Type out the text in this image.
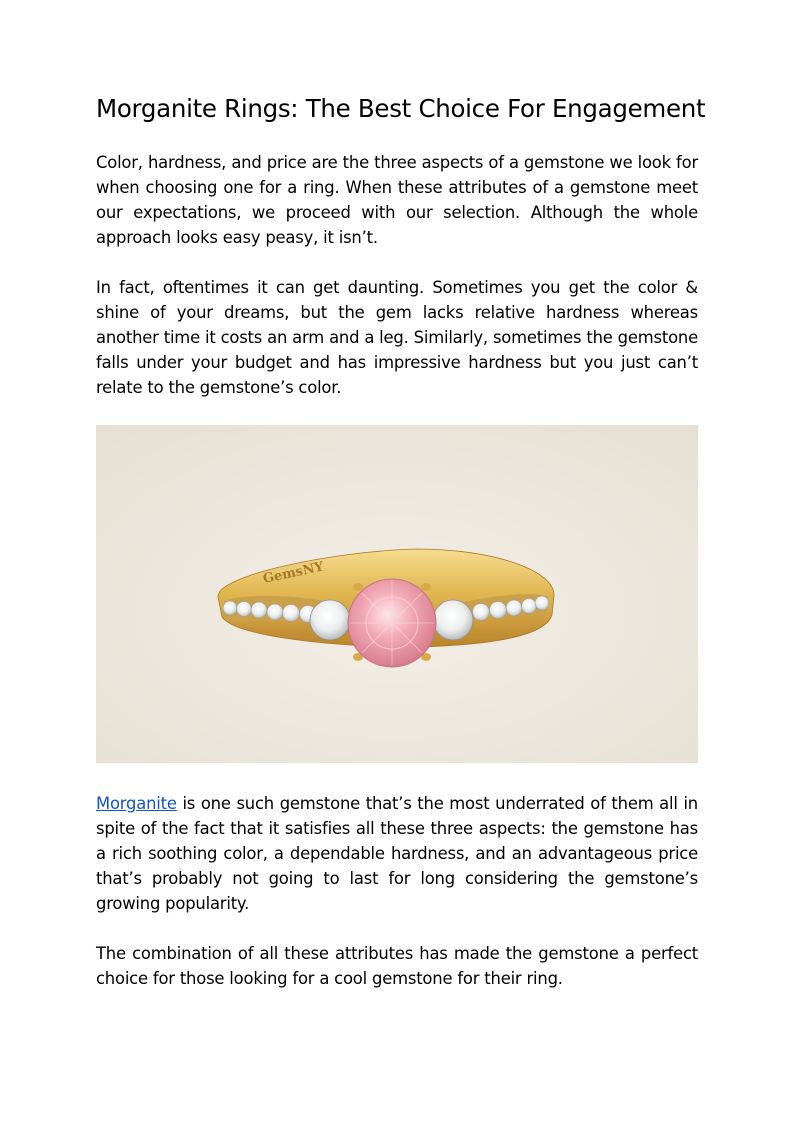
Morganite Rings: The Best Choice For Engagement

Color, hardness, and price are the three aspects of a gemstone we look for when choosing one for a ring. When these attributes of a gemstone meet our expectations, we proceed with our selection. Although the whole approach looks easy peasy, it isn’t.

In fact, oftentimes it can get daunting. Sometimes you get the color & shine of your dreams, but the gem lacks relative hardness whereas another time it costs an arm and a leg. Similarly, sometimes the gemstone falls under your budget and has impressive hardness but you just can’t relate to the gemstone’s color.

GemsNY

Morganite is one such gemstone that’s the most underrated of them all in spite of the fact that it satisfies all these three aspects: the gemstone has a rich soothing color, a dependable hardness, and an advantageous price that’s probably not going to last for long considering the gemstone’s growing popularity.

The combination of all these attributes has made the gemstone a perfect choice for those looking for a cool gemstone for their ring.
